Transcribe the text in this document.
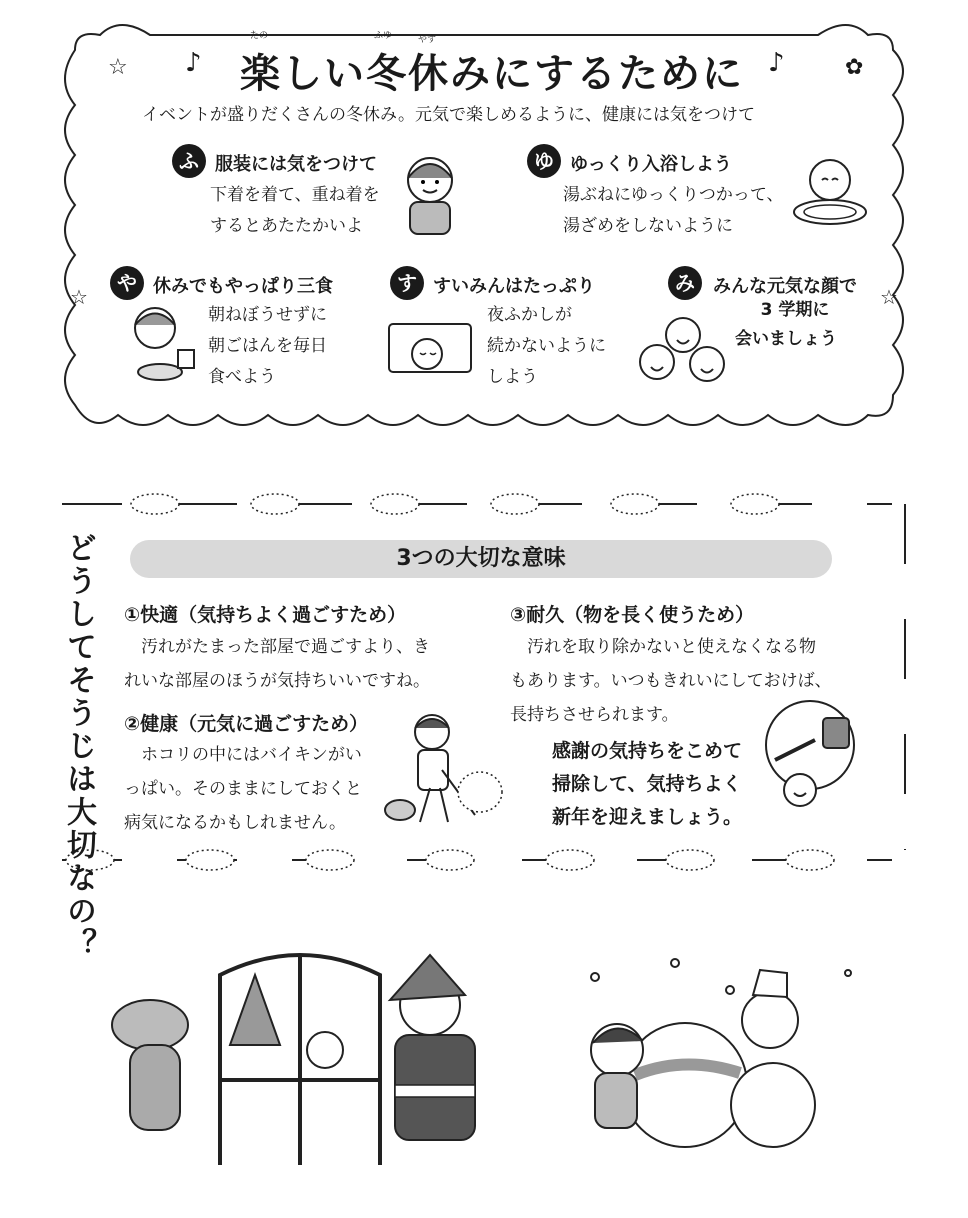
♪	♪
☆	✿
☆	☆
楽しい冬休みにするために
たの	ふゆ	やす
イベントが盛りだくさんの冬休み。元気で楽しめるように、健康には気をつけて
ふ 服装には気をつけて
下着を着て、重ね着を
するとあたたかいよ
ゆ ゆっくり入浴しよう
湯ぶねにゆっくりつかって、
湯ざめをしないように
や 休みでもやっぱり三食
朝ねぼうせずに
朝ごはんを毎日
食べよう
す すいみんはたっぷり
夜ふかしが
続かないように
しよう
み	みんな元気な顔で
3 学期に
会いましょう
どうしてそうじは大切なの？	3つの大切な意味
①快適（気持ちよく過ごすため）
汚れがたまった部屋で過ごすより、き
れいな部屋のほうが気持ちいいですね。
②健康（元気に過ごすため）
ホコリの中にはバイキンがい
っぱい。そのままにしておくと
病気になるかもしれません。
③耐久（物を長く使うため）
汚れを取り除かないと使えなくなる物
もあります。いつもきれいにしておけば、
長持ちさせられます。
感謝の気持ちをこめて
掃除して、気持ちよく
新年を迎えましょう。
